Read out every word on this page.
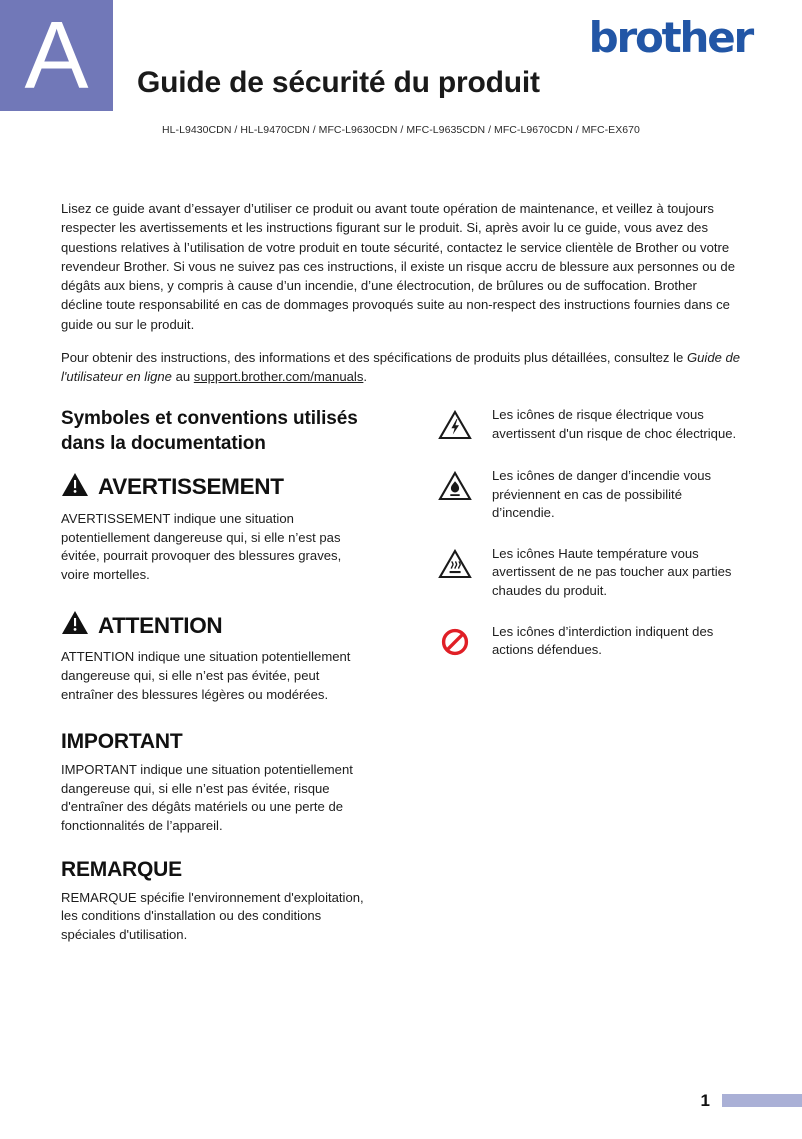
A	brother
Guide de sécurité du produit
HL-L9430CDN / HL-L9470CDN / MFC-L9630CDN / MFC-L9635CDN / MFC-L9670CDN / MFC-EX670

Lisez ce guide avant d’essayer d’utiliser ce produit ou avant toute opération de maintenance, et veillez à toujours respecter les avertissements et les instructions figurant sur le produit. Si, après avoir lu ce guide, vous avez des questions relatives à l’utilisation de votre produit en toute sécurité, contactez le service clientèle de Brother ou votre revendeur Brother. Si vous ne suivez pas ces instructions, il existe un risque accru de blessure aux personnes ou de dégâts aux biens, y compris à cause d’un incendie, d’une électrocution, de brûlures ou de suffocation. Brother décline toute responsabilité en cas de dommages provoqués suite au non-respect des instructions fournies dans ce guide ou sur le produit.

Pour obtenir des instructions, des informations et des spécifications de produits plus détaillées, consultez le Guide de l'utilisateur en ligne au support.brother.com/manuals.

Symboles et conventions utilisés dans la documentation
AVERTISSEMENT

AVERTISSEMENT indique une situation potentiellement dangereuse qui, si elle n’est pas évitée, pourrait provoquer des blessures graves, voire mortelles.

ATTENTION

ATTENTION indique une situation potentiellement dangereuse qui, si elle n’est pas évitée, peut entraîner des blessures légères ou modérées.

IMPORTANT

IMPORTANT indique une situation potentiellement dangereuse qui, si elle n’est pas évitée, risque d'entraîner des dégâts matériels ou une perte de fonctionnalités de l’appareil.

REMARQUE

REMARQUE spécifie l'environnement d'exploitation, les conditions d'installation ou des conditions spéciales d'utilisation.

Les icônes de risque électrique vous avertissent d'un risque de choc électrique.
Les icônes de danger d’incendie vous préviennent en cas de possibilité d’incendie.
Les icônes Haute température vous avertissent de ne pas toucher aux parties chaudes du produit.
Les icônes d’interdiction indiquent des actions défendues.
1
